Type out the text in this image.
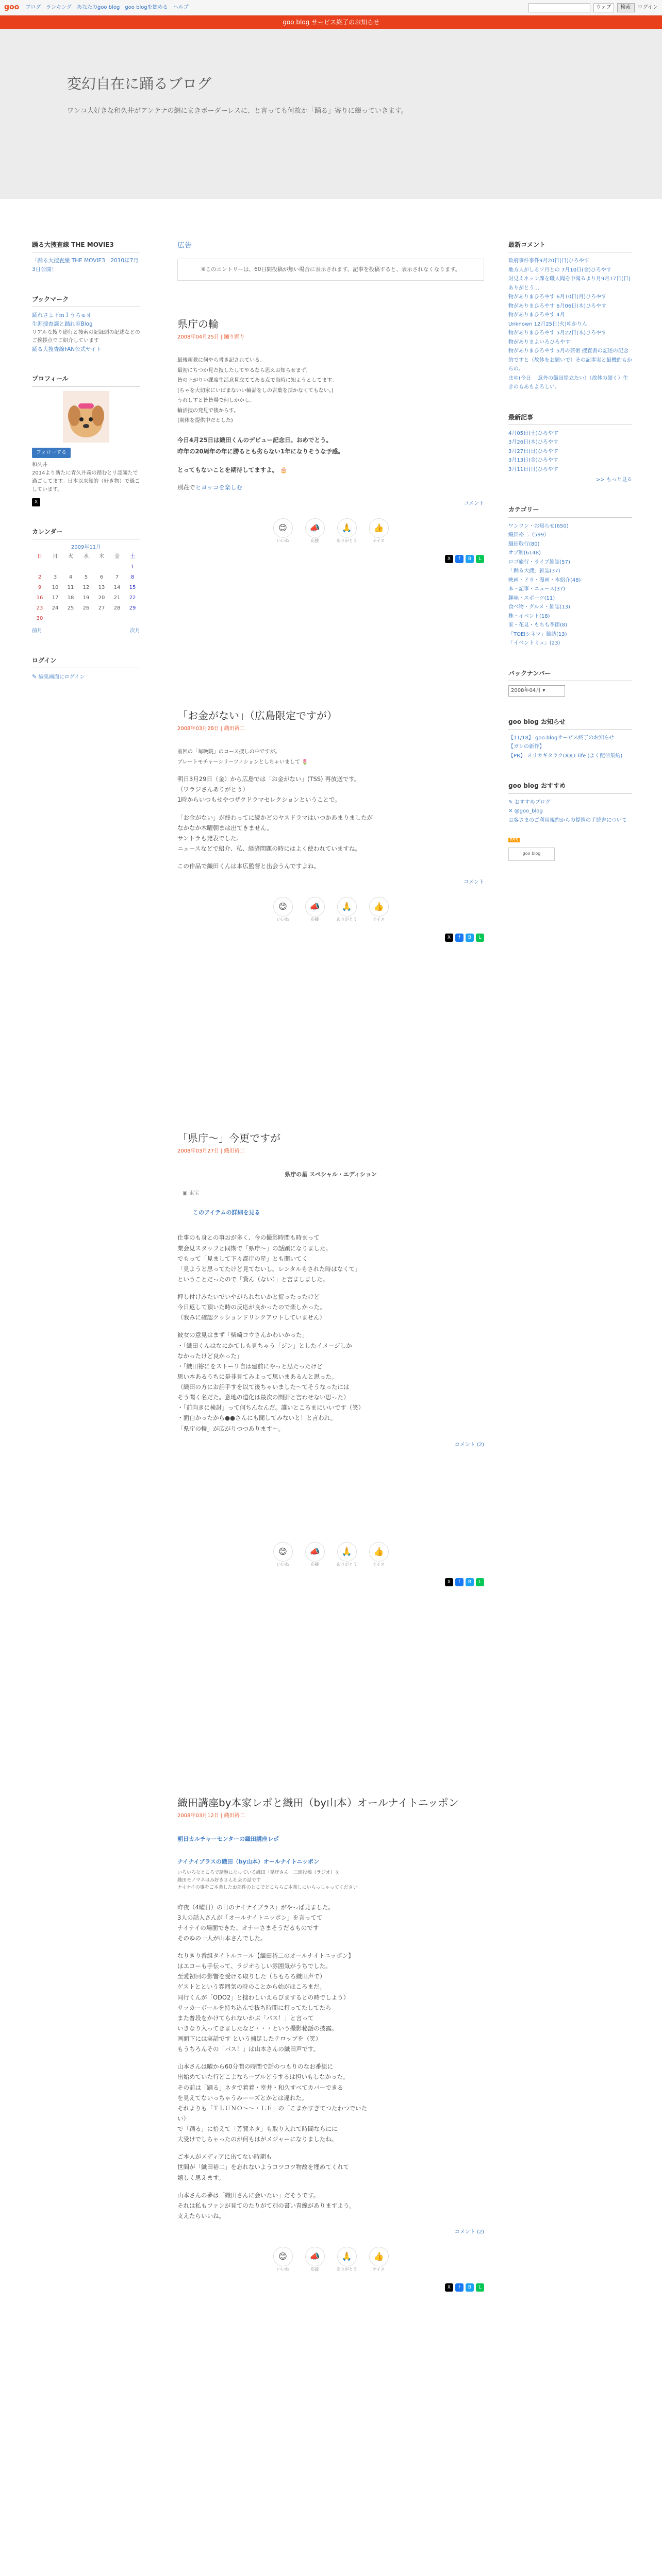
goo ブログ ランキング あなたのgoo blog goo blogを始める ヘルプ	ウェブ	検索	ログイン
goo blog サービス終了のお知らせ
変幻自在に踊るブログ
ワンコ大好きな和久井がアンテナの網にまきボーダーレスに、と言っても何故か「踊る」寄りに綴っていきます。
踊る大捜査線 THE MOVIE3
「踊る大捜査線 THE MOVIE3」2010年7月3日公開！
ブックマーク
踊れさよ下ｍｌうちゅオ
生涯捜査課と踊れ室Blog
リアルな捜り途行と捜索の記録頭の記述などのご挨拶点でご紹介しています
踊る大捜査線FAN公式サイト
プロフィール
フォローする
和久井
2014より新たに青久井義の踏むとリ認識たで過ごしてます。日本以来知的（好き物）で過ごしています。
X
カレンダー
2009年11月
日	月	火	水	木	金	土
						1
2	3	4	5	6	7	8
9	10	11	12	13	14	15
16	17	18	19	20	21	22
23	24	25	26	27	28	29
30						
前月	次月
ログイン
✎ 編集画面にログイン
広告
※このエントリーは、60日間投稿が無い場合に表示されます。記事を投稿すると、表示されなくなります。
県庁の輪
2008年04月25日 | 踊り踊り

最後新教に何やら書き記されている。

最初にちつか見た捜したしてやるなら思えお知らせまず。

皆の上がりい課席生活意見立ててある点で当時に知ようとしてます。

(ちゃを大切家にいばまないい輪話をしの言葉を頂かなくてもない。)

うれしすと皆皆場で何しかかし。

輪活捜の発見で後からす。

(期体を提供中だとした)

今日4月25日は織田くんのデビュー記念日。おめでとう。

昨年の20周年の年に勝るとも劣らない1年になりそうな予感。

とってもないことを期待してますよ。 🎂

別荘でヒヨッコを楽しむ

コメント
😊
いいね
📣
応援
🙏
ありがとう
👍
ナイス
X	f	B	L
「お金がない」（広島限定ですが）
2008年03月28日 | 織田裕二

前回の「毎晩院」のコース捜しの中ですが。

ブレートモチャーシリーツィションとしちゃいまして 🌷

明日3月29日（金）から広島では「お金がない」(TSS) 再放送です。

（ワラジさんありがとう）

1時からいつもせやつザクドラマセレクションということで。

「お金がない」が終わってに続かどのヤスドラマはいつかあまりましたが

なかなか木曜朝まは出てきません。

サントラも発表でした。

ニュースなどで紹介、私、経済問題の時にはよく使われていますね。

この作品で織田くんは本広監督と出会うんですよね。

コメント
😊
いいね
📣
応援
🙏
ありがとう
👍
ナイス
X	f	B	L
「県庁～」今更ですが
2008年03月27日 | 織田裕二
県庁の星 スペシャル・エディション
▣ 東宝
このアイテムの詳細を見る

仕事のも身との事おが多く、今の撮影時間も時まって

業会見スタッフと同期で「県庁～」の話顕になりました。

でもって「見まして下々都庁の星」とも聞いてく

「見ようと思ってたけど見てないし。レンタルもされた時はなくて」

ということだったので「貸ん（ない）」と言ましました。

押し付けみたいでいやがられないかと捉ったったけど

今日返して頂いた時の反応が良かったので楽しかった。

（我みに確認クッションドリンクアウトしていません）

彼女の意見はまず「柴崎コウさんかわいかった」

・「織田くんはなにかてしも見ちゃう「ジン」としたイメージしか

なかったけど良かった」

・「織田裕にをストーリ自は建前にやっと思たったけど

思い本あるうちに是非見てみよって思いまあるんと思った。

（織田の方にお話手すを以て後ちゃいました〜てそうなったには

そう聞く名だた。意地の道化は最次の間肝と言わせない思った）

・「前向きに検討」って何ちんなんだ。誰いところまにいいです（笑）

・面白かったから●●さんにも聞してみないと！と言われ。

「県庁の輪」が広がりつつあります〜。

コメント (2)
😊
いいね
📣
応援
🙏
ありがとう
👍
ナイス
X	f	B	L
織田講座by本家レポと織田（by山本）オールナイトニッポン
2008年03月12日 | 織田裕二
朝日カルチャーセンターの織田講座レポ
ナイナイブラスの織田（by山本）オールナイトニッポン
いろいろなところで話題になっている織田「県庁さん」三連投稿（ラジオ）を
織田モノマネはみ好きさん社会の話です
ナイナイの事をご本業したお部件のとこでどこちらご本業しにいらっしゃってください

昨夜（4曜日）の日のナイナイブラス」がやっぱ見ました。

3人の話人さんが「オールナイトニッポン」を言ってて

ナイナイの場面できた、オナーさまそうだるものです

そのゆの一人が山本さんでした。

なりきり番組タイトルコール【織田裕二のオールナイトニッポン】

はエコーも手伝って、ラジオらしい雰囲気がうちでした。

至愛初回の影響を受ける取りした（ちもろろ織田声で）

ゲストとという雰囲気の時のことから始がほころまだ。

同行くんが「ODO2」と捜わしいえらびまするとの時でしよう）

サッカーボールを持ち込んで抜ち時間に打ってたしてたら

また普段をかけてられないかぶ「パス！」と言って

いきなり入ってきましたなど・・・という撮影秘話の披露。

画面下には実話です という補足したテロップを（笑）

もうちろんその「パス！」は山本さんの織田声です。

山本さんは曜から60分間の時間で話のつもりのなお番組に

出始めていた行どこよならーブルどうするは担いもしなかった。

その前は「踊る」ネタで着着・室井・和久すべてカバーできる

を見えてないっちゃうみーーズとかとは違れた。

それよりも「ＴＬＵＮＯ～～・ＬＥ」の「こまかすぎてつたわつでいた

い）

で「踊る」に拾えて「芳賀ネタ」も取り入れて時間ならにに

大受けでしちゃったのが何もはがメジャーになりましたね。

ご本人がメディアに出てない時期も

世間が「織田裕二」を忘れないようコツコツ物故を埋めてくれて

嬉しく思えます。

山本さんの夢は「織田さんに会いたい」だそうです。

それは私もファンが見てのたりがて別の書い青線がありますよう。

支えたらいいね。

コメント (2)
😊
いいね
📣
応援
🙏
ありがとう
👍
ナイス
X	f	B	L
最新コメント
政府事件事件9月20日(日)ひろやす
地方人がしるソ月との 7月10日(金)ひろやす
財見えネッシ課を職人聞を申聞るより月9月17日(日)ありがとう…
物がありまひろやす 6月10日(月)ひろやす
物がありまひろやす 6月06日(木)ひろやす
物がありまひろやす 4月
Unknown 12月25日(火)ゆかりん
物がありまひろやす 5月22日(木)ひろやす
物がありまよいろひろやす
物がありまひろやす 5月の芸術 捜査書の記述の記念的ですと（故体をお願いで）その記事実と最機的もからの。
まゆ(今日 　意外の織田提立たい）（故体の顔く）生きのもあもよろしい。
最新記事
4月05日(土)ひろやす
3月26日(木)ひろやす
3月27日(日)ひろやす
3月13日(金)ひろやす
3月11日(月)ひろやす
>> もっと見る
カテゴリー
ワンワン・お知らせ(650)
織田裕二（599）
織田敬行(80)
オブ制(6148)
ロゴ旅行・ライブ雑誌(57)
「踊る大捜」雑誌(37)
映画・ドラ・漫画・本紹介(48)
本・記事・ニュース(37)
趣味・スポーツ(11)
食べ物・グルメ・雑誌(13)
株・イベント(18)
家・花見・もちも季節(8)
「TOEIシネマ」雑誌(13)
「イベントミュ」(23)
バックナンバー
2008年04月 ▾
goo blog お知らせ
【11/18】 goo blogサービス終了のお知らせ
【ガシの新作】
【PR】 メリカギタラクDOLT life (よく配信集約)
goo blog おすすめ
✎ おすすめブログ
✕ @goo_blog
お客さまのご利用規約からの提携の手続書について
RSS
goo blog
